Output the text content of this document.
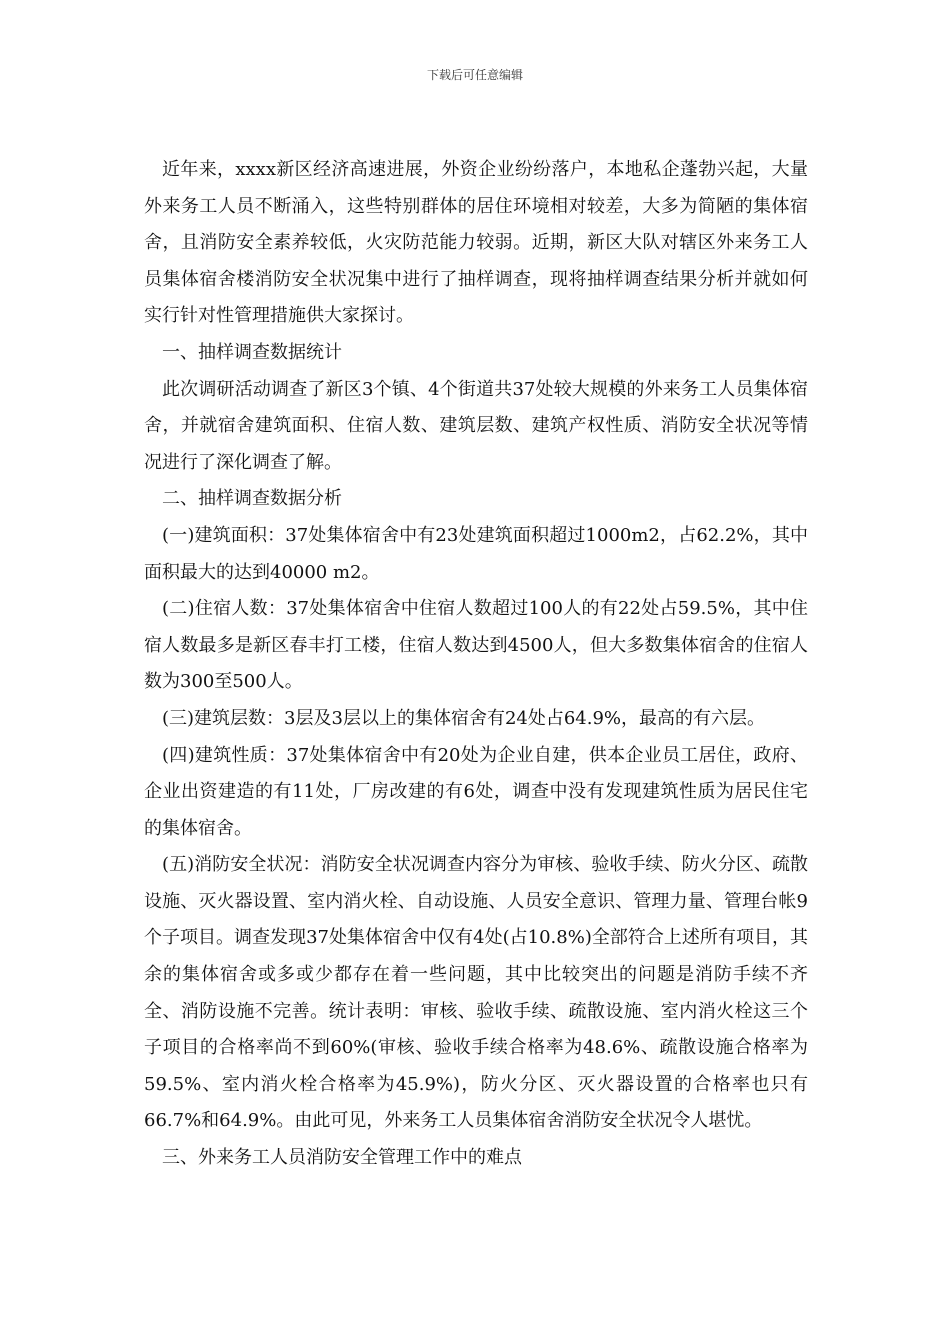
下载后可任意编辑

近年来，xxxx新区经济高速进展，外资企业纷纷落户，本地私企蓬勃兴起，大量外来务工人员不断涌入，这些特别群体的居住环境相对较差，大多为简陋的集体宿舍，且消防安全素养较低，火灾防范能力较弱。近期，新区大队对辖区外来务工人员集体宿舍楼消防安全状况集中进行了抽样调查，现将抽样调查结果分析并就如何实行针对性管理措施供大家探讨。

一、抽样调查数据统计

此次调研活动调查了新区3个镇、4个街道共37处较大规模的外来务工人员集体宿舍，并就宿舍建筑面积、住宿人数、建筑层数、建筑产权性质、消防安全状况等情况进行了深化调查了解。

二、抽样调查数据分析

(一)建筑面积：37处集体宿舍中有23处建筑面积超过1000m2，占62.2%，其中面积最大的达到40000 m2。

(二)住宿人数：37处集体宿舍中住宿人数超过100人的有22处占59.5%，其中住宿人数最多是新区春丰打工楼，住宿人数达到4500人，但大多数集体宿舍的住宿人数为300至500人。

(三)建筑层数：3层及3层以上的集体宿舍有24处占64.9%，最高的有六层。

(四)建筑性质：37处集体宿舍中有20处为企业自建，供本企业员工居住，政府、企业出资建造的有11处，厂房改建的有6处，调查中没有发现建筑性质为居民住宅的集体宿舍。

(五)消防安全状况：消防安全状况调查内容分为审核、验收手续、防火分区、疏散设施、灭火器设置、室内消火栓、自动设施、人员安全意识、管理力量、管理台帐9个子项目。调查发现37处集体宿舍中仅有4处(占10.8%)全部符合上述所有项目，其余的集体宿舍或多或少都存在着一些问题，其中比较突出的问题是消防手续不齐全、消防设施不完善。统计表明：审核、验收手续、疏散设施、室内消火栓这三个子项目的合格率尚不到60%(审核、验收手续合格率为48.6%、疏散设施合格率为59.5%、室内消火栓合格率为45.9%)，防火分区、灭火器设置的合格率也只有66.7%和64.9%。由此可见，外来务工人员集体宿舍消防安全状况令人堪忧。

三、外来务工人员消防安全管理工作中的难点
